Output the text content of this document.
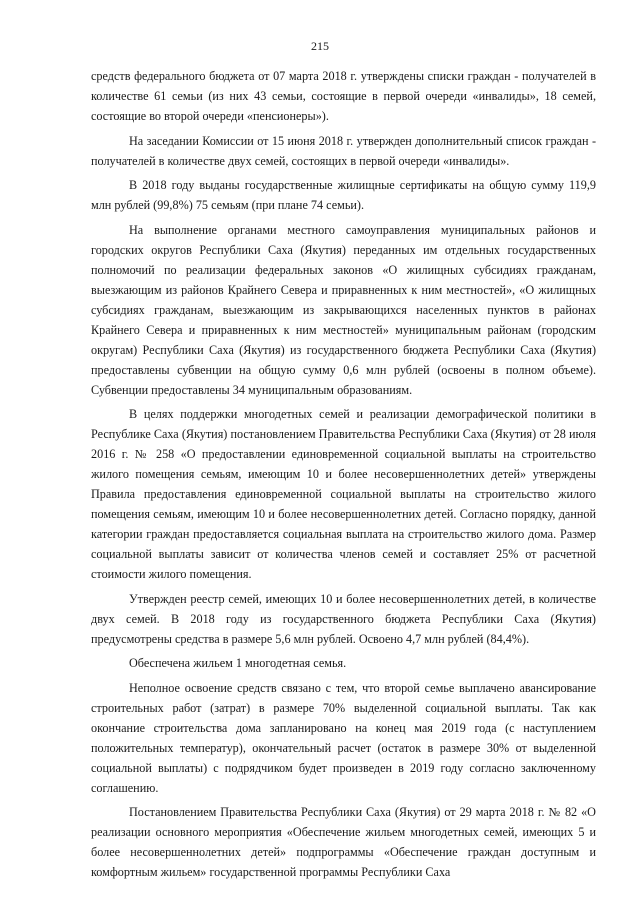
215

средств федерального бюджета от 07 марта 2018 г. утверждены списки граждан - получателей в количестве 61 семьи (из них 43 семьи, состоящие в первой очереди «инвалиды», 18 семей, состоящие во второй очереди «пенсионеры»).

На заседании Комиссии от 15 июня 2018 г. утвержден дополнительный список граждан - получателей в количестве двух семей, состоящих в первой очереди «инвалиды».

В 2018 году выданы государственные жилищные сертификаты на общую сумму 119,9 млн рублей (99,8%) 75 семьям (при плане 74 семьи).

На выполнение органами местного самоуправления муниципальных районов и городских округов Республики Саха (Якутия) переданных им отдельных государственных полномочий по реализации федеральных законов «О жилищных субсидиях гражданам, выезжающим из районов Крайнего Севера и приравненных к ним местностей», «О жилищных субсидиях гражданам, выезжающим из закрывающихся населенных пунктов в районах Крайнего Севера и приравненных к ним местностей» муниципальным районам (городским округам) Республики Саха (Якутия) из государственного бюджета Республики Саха (Якутия) предоставлены субвенции на общую сумму 0,6 млн рублей (освоены в полном объеме). Субвенции предоставлены 34 муниципальным образованиям.

В целях поддержки многодетных семей и реализации демографической политики в Республике Саха (Якутия) постановлением Правительства Республики Саха (Якутия) от 28 июля 2016 г. № 258 «О предоставлении единовременной социальной выплаты на строительство жилого помещения семьям, имеющим 10 и более несовершеннолетних детей» утверждены Правила предоставления единовременной социальной выплаты на строительство жилого помещения семьям, имеющим 10 и более несовершеннолетних детей. Согласно порядку, данной категории граждан предоставляется социальная выплата на строительство жилого дома. Размер социальной выплаты зависит от количества членов семей и составляет 25% от расчетной стоимости жилого помещения.

Утвержден реестр семей, имеющих 10 и более несовершеннолетних детей, в количестве двух семей. В 2018 году из государственного бюджета Республики Саха (Якутия) предусмотрены средства в размере 5,6 млн рублей. Освоено 4,7 млн рублей (84,4%).

Обеспечена жильем 1 многодетная семья.

Неполное освоение средств связано с тем, что второй семье выплачено авансирование строительных работ (затрат) в размере 70% выделенной социальной выплаты. Так как окончание строительства дома запланировано на конец мая 2019 года (с наступлением положительных температур), окончательный расчет (остаток в размере 30% от выделенной социальной выплаты) с подрядчиком будет произведен в 2019 году согласно заключенному соглашению.

Постановлением Правительства Республики Саха (Якутия) от 29 марта 2018 г. № 82 «О реализации основного мероприятия «Обеспечение жильем многодетных семей, имеющих 5 и более несовершеннолетних детей» подпрограммы «Обеспечение граждан доступным и комфортным жильем» государственной программы Республики Саха
